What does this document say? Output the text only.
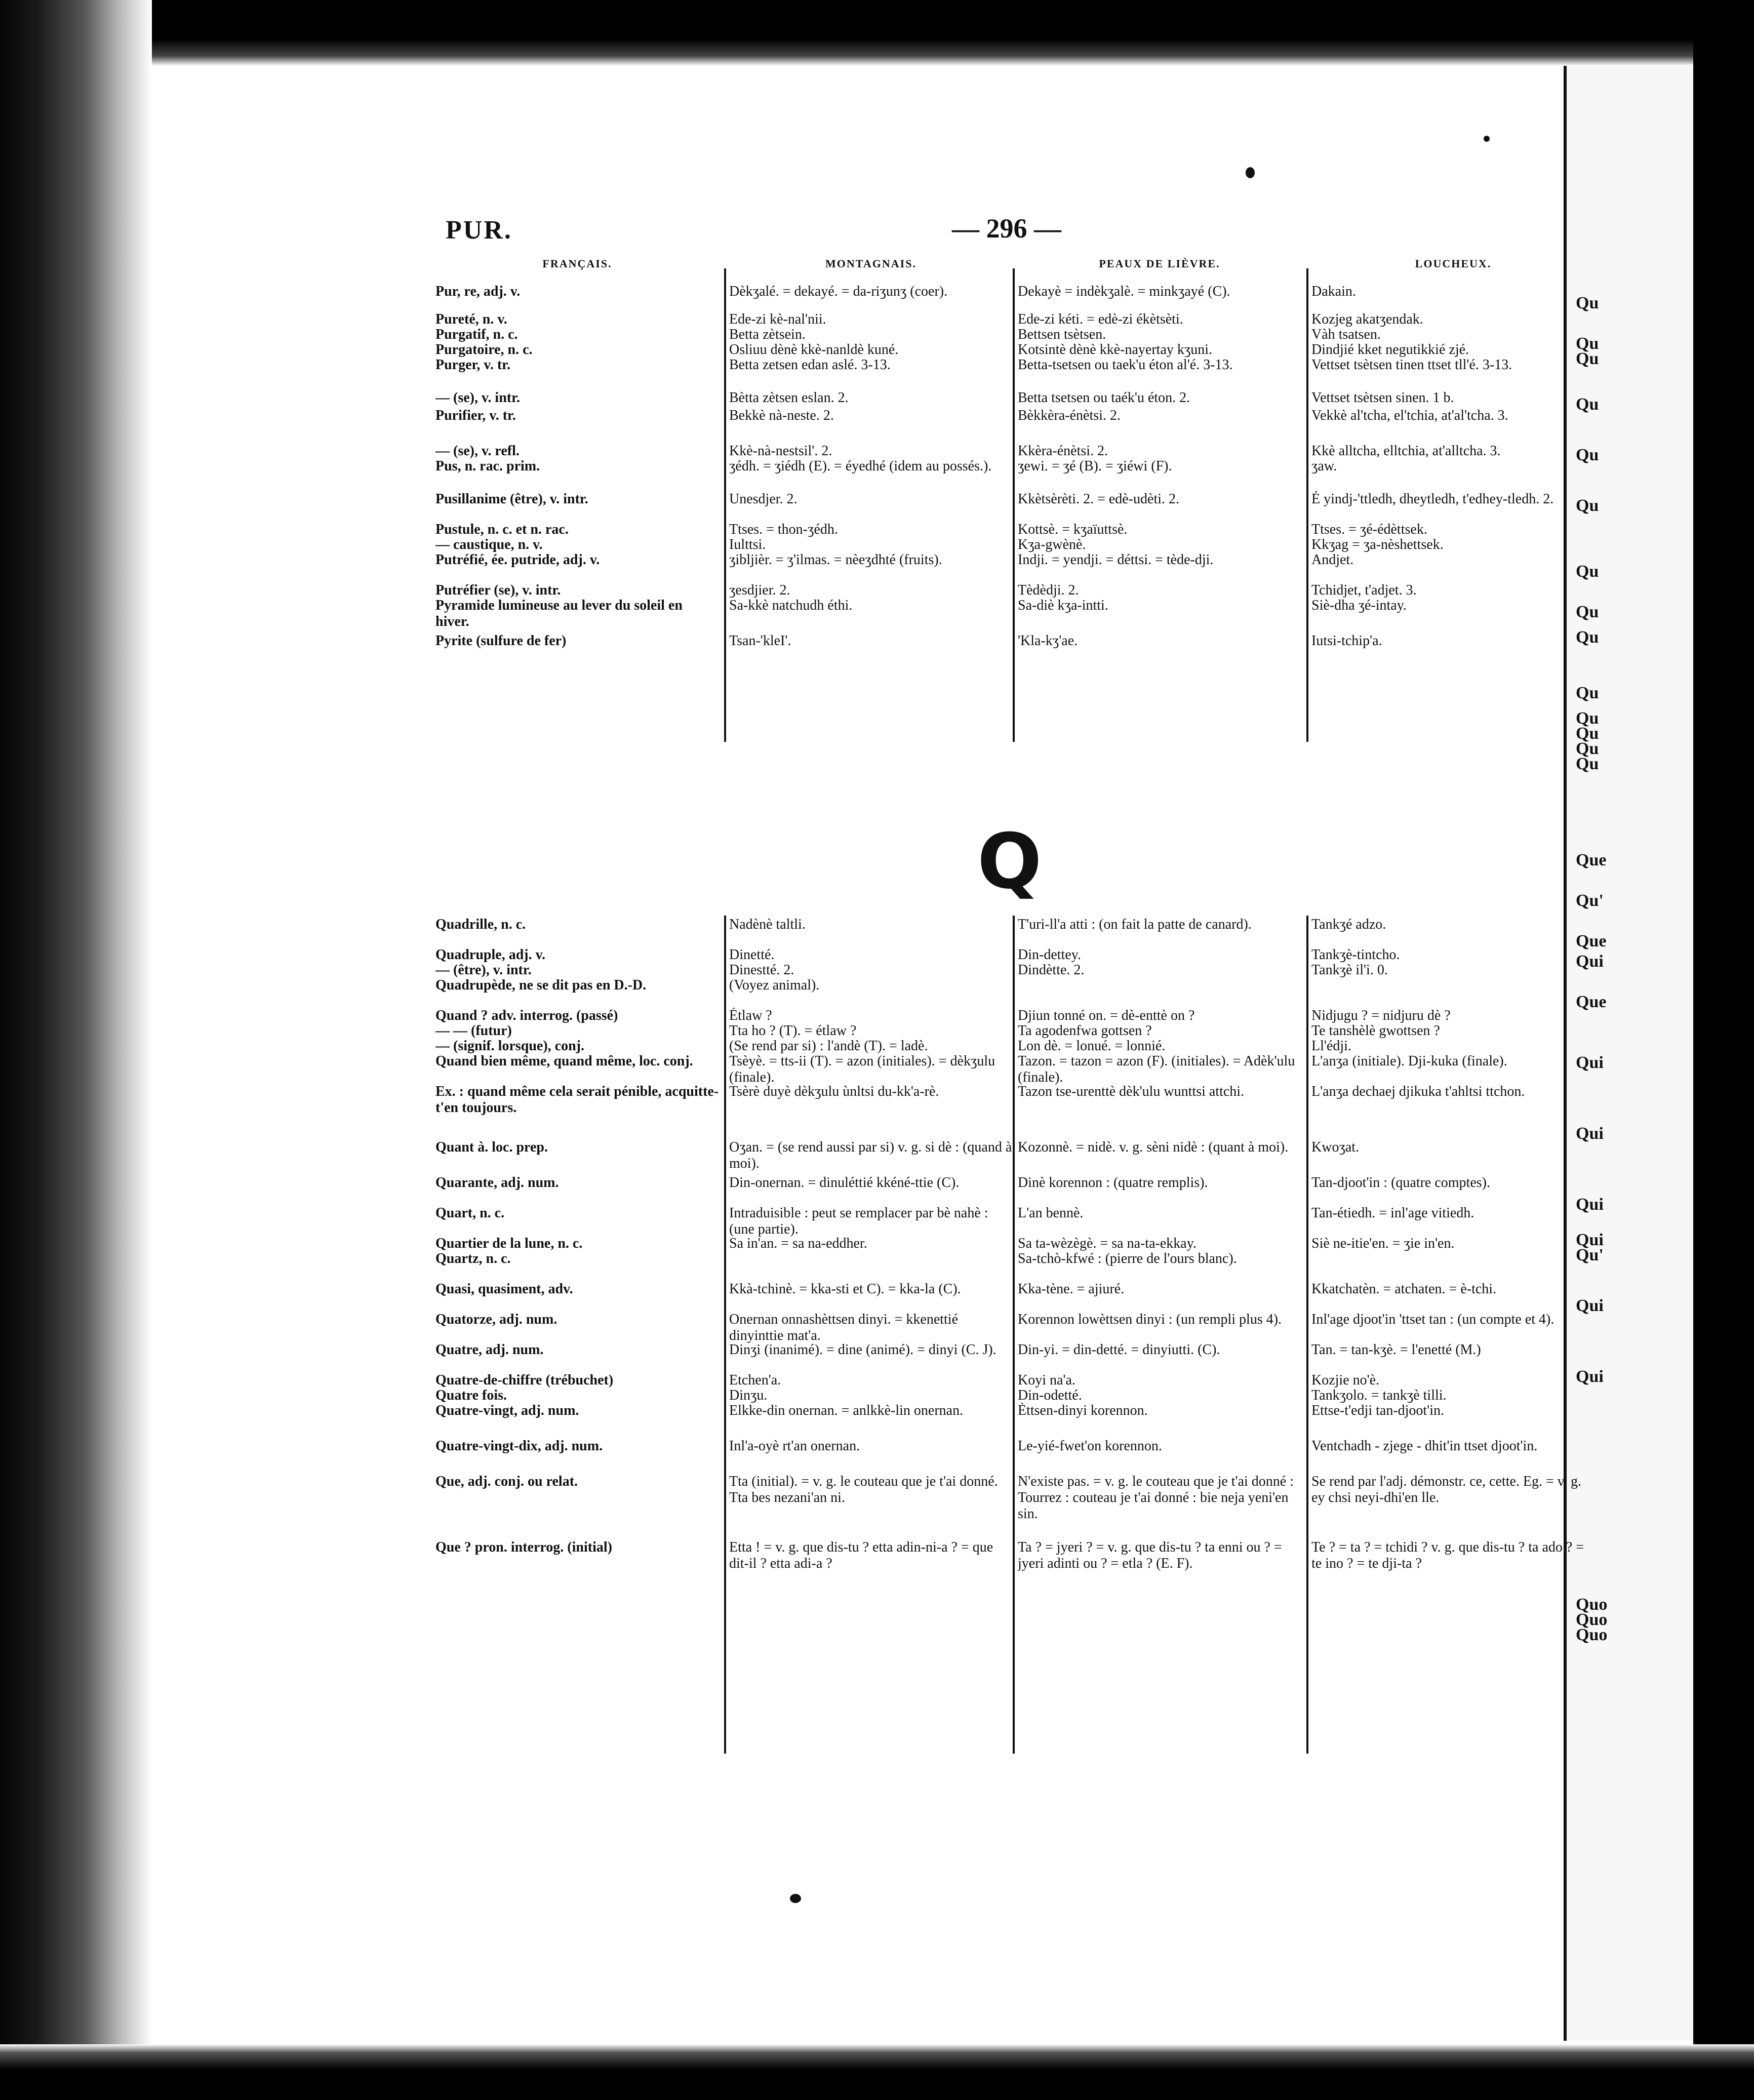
Qu
Qu
Qu
Qu
Qu
Qu
Qu
Qu
Qu
Qu
Qu
Qu
Qu
Qu
Que
Qu'
Que
Qui
Que
Qui
Qui
Qui
Qui
Qu'
Qui
Qui
Quo
Quo
Quo
PUR.
—	296 —
FRANÇAIS.	MONTAGNAIS.	PEAUX DE LIÈVRE.	LOUCHEUX.
Pur, re, adj. v.	Dèkʒalé. = dekayé. = da-riʒunʒ (coer).	Dekayè = indèkʒalè. = minkʒayé (C).	Dakain.
Pureté, n. v.	Ede-zi kè-nal'nii.	Ede-zi kéti. = edè-zi ékètsèti.	Kozjeg akatʒendak.
Purgatif, n. c.	Betta zètsein.	Bettsen tsètsen.	Vàh tsatsen.
Purgatoire, n. c.	Osliuu dènè kkè-nanldè kuné.	Kotsintè dènè kkè-nayertay kʒuni.	Dindjié kket negutikkié zjé.
Purger, v. tr.	Betta zetsen edan aslé. 3-13.	Betta-tsetsen ou taek'u éton al'é. 3-13.	Vettset tsètsen tinen ttset tll'é. 3-13.
— (se), v. intr.	Bètta zètsen eslan. 2.	Betta tsetsen ou taék'u éton. 2.	Vettset tsètsen sinen. 1 b.
Purifier, v. tr.	Bekkè nà-neste. 2.	Bèkkèra-énètsi. 2.	Vekkè al'tcha, el'tchia, at'al'tcha. 3.
— (se), v. refl.	Kkè-nà-nestsil'. 2.	Kkèra-énètsi. 2.	Kkè alltcha, elltchia, at'alltcha. 3.
Pus, n. rac. prim.	ʒédh. = ʒiédh (E). = éyedhé (idem au possés.).	ʒewi. = ʒé (B). = ʒiéwi (F).	ʒaw.
Pusillanime (être), v. intr.	Unesdjer. 2.	Kkètsèrèti. 2. = edè-udèti. 2.	É yindj-'ttledh, dheytledh, t'edhey-tledh. 2.
Pustule, n. c. et n. rac.	Ttses. = thon-ʒédh.	Kottsè. = kʒaïuttsè.	Ttses. = ʒé-édèttsek.
— caustique, n. v.	Iulttsi.	Kʒa-gwènè.	Kkʒag = ʒa-nèshettsek.
Putréfié, ée. putride, adj. v.	ʒibljièr. = ʒ'ilmas. = nèeʒdhté (fruits).	Indji. = yendji. = déttsi. = tède-dji.	Andjet.
Putréfier (se), v. intr.	ʒesdjier. 2.	Tèdèdji. 2.	Tchidjet, t'adjet. 3.
Pyramide lumineuse au lever du soleil en hiver.
Sa-kkè natchudh éthi.	Sa-diè kʒa-intti.	Siè-dha ʒé-intay.
Pyrite (sulfure de fer)	Tsan-'kleI'.	'Kla-kʒ'ae.	Iutsi-tchip'a.
Q
Quadrille, n. c.	Nadènè taltli.	T'uri-ll'a atti : (on fait la patte de canard).	Tankʒé adzo.
Quadruple, adj. v.	Dinetté.	Din-dettey.	Tankʒè-tintcho.
— (être), v. intr.	Dinestté. 2.	Dindètte. 2.	Tankʒè il'i. 0.
Quadrupède, ne se dit pas en D.-D.	(Voyez animal).
Quand ? adv. interrog. (passé)	Étlaw ?	Djiun tonné on. = dè-enttè on ?	Nidjugu ? = nidjuru dè ?
— — (futur)	Tta ho ? (T). = étlaw ?	Ta agodenfwa gottsen ?	Te tanshèlè gwottsen ?
— (signif. lorsque), conj.	(Se rend par si) : l'andè (T). = ladè.	Lon dè. = lonué. = lonnié.	Ll'édji.
Quand bien même, quand même, loc. conj.	Tsèyè. = tts-ii (T). = azon (initiales). = dèkʒulu (finale).
Tazon. = tazon = azon (F). (initiales). = Adèk'ulu (finale).
L'anʒa (initiale). Dji-kuka (finale).
Ex. : quand même cela serait pénible, acquitte-t'en toujours.
Tsèrè duyè dèkʒulu ùnltsi du-kk'a-rè.	Tazon tse-urenttè dèk'ulu wunttsi attchi.	L'anʒa dechaej djikuka t'ahltsi ttchon.
Quant à. loc. prep.	Oʒan. = (se rend aussi par si) v. g. si dè : (quand à moi).
Kozonnè. = nidè. v. g. sèni nidè : (quant à moi).	Kwoʒat.
Quarante, adj. num.	Din-onernan. = dinuléttié kkéné-ttie (C).	Dinè korennon : (quatre remplis).	Tan-djoot'in : (quatre comptes).
Quart, n. c.	Intraduisible : peut se remplacer par bè nahè : (une partie).
L'an bennè.	Tan-étiedh. = inl'age vitiedh.
Quartier de la lune, n. c.	Sa in'an. = sa na-eddher.	Sa ta-wèzègè. = sa na-ta-ekkay.	Siè ne-itie'en. = ʒie in'en.
Quartz, n. c.	Sa-tchò-kfwé : (pierre de l'ours blanc).
Quasi, quasiment, adv.	Kkà-tchinè. = kka-sti et C). = kka-la (C).	Kka-tène. = ajiuré.	Kkatchatèn. = atchaten. = è-tchi.
Quatorze, adj. num.	Onernan onnashèttsen dinyi. = kkenettié dinyinttie mat'a.
Korennon lowèttsen dinyi : (un rempli plus 4).	Inl'age djoot'in 'ttset tan : (un compte et 4).
Quatre, adj. num.	Dinʒi (inanimé). = dine (animé). = dinyi (C. J).	Din-yi. = din-detté. = dinyiutti. (C).	Tan. = tan-kʒè. = l'enetté (M.)
Quatre-de-chiffre (trébuchet)	Etchen'a.	Koyi na'a.	Kozjie no'è.
Quatre fois.	Dinʒu.	Din-odetté.	Tankʒolo. = tankʒè tilli.
Quatre-vingt, adj. num.	Elkke-din onernan. = anlkkè-lin onernan.	Èttsen-dinyi korennon.	Ettse-t'edji tan-djoot'in.
Quatre-vingt-dix, adj. num.	Inl'a-oyè rt'an onernan.	Le-yié-fwet'on korennon.	Ventchadh - zjege - dhit'in ttset djoot'in.
Que, adj. conj. ou relat.	Tta (initial). = v. g. le couteau que je t'ai donné. Tta bes nezani'an ni.
N'existe pas. = v. g. le couteau que je t'ai donné : Tourrez : couteau je t'ai donné : bie neja yeni'en sin.
Se rend par l'adj. démonstr. ce, cette. Eg. = v. g. ey chsi neyi-dhi'en lle.
Que ? pron. interrog. (initial)	Etta ! = v. g. que dis-tu ? etta adin-ni-a ? = que dit-il ? etta adi-a ?
Ta ? = jyeri ? = v. g. que dis-tu ? ta enni ou ? = jyeri adinti ou ? = etla ? (E. F).
Te ? = ta ? = tchidi ? v. g. que dis-tu ? ta ado ? = te ino ? = te dji-ta ?
